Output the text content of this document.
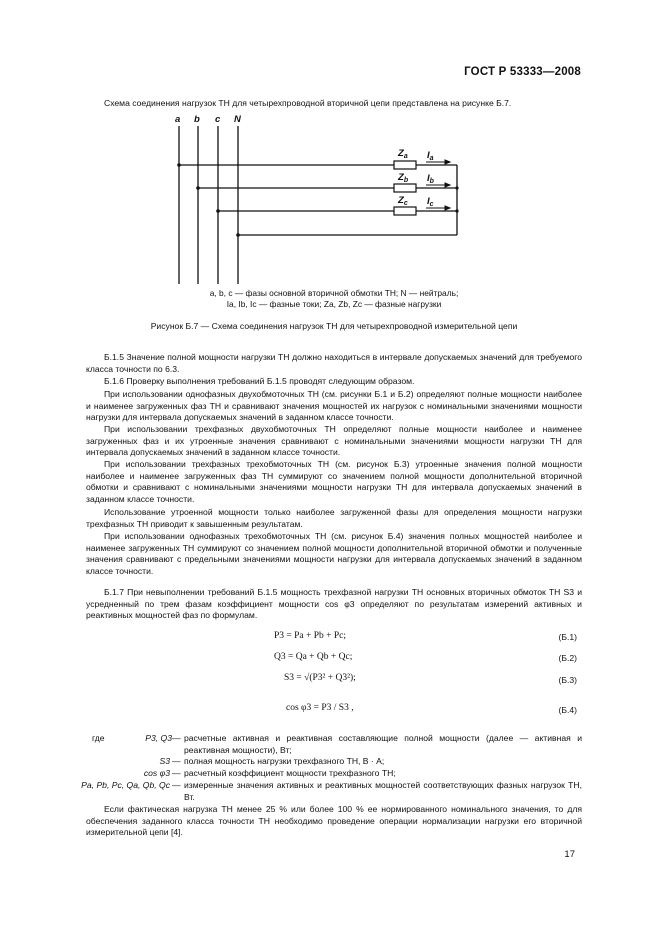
ГОСТ Р 53333—2008
Схема соединения нагрузок ТН для четырехпроводной вторичной цепи представлена на рисунке Б.7.
a b c N
$Z_a$ $I_a$
$Z_b$ $I_b$
$Z_c$ $I_c$
a, b, c — фазы основной вторичной обмотки ТН; N — нейтраль;
Ia, Ib, Ic — фазные токи; Za, Zb, Zc — фазные нагрузки
Рисунок Б.7 — Схема соединения нагрузок ТН для четырехпроводной измерительной цепи
Б.1.5 Значение полной мощности нагрузки ТН должно находиться в интервале допускаемых значений для требуемого класса точности по 6.3.
Б.1.6 Проверку выполнения требований Б.1.5 проводят следующим образом.
При использовании однофазных двухобмоточных ТН (см. рисунки Б.1 и Б.2) определяют полные мощности наиболее и наименее загруженных фаз ТН и сравнивают значения мощностей их нагрузок с номинальными значениями мощности нагрузки для интервала допускаемых значений в заданном классе точности.
При использовании трехфазных двухобмоточных ТН определяют полные мощности наиболее и наименее загруженных фаз и их утроенные значения сравнивают с номинальными значениями мощности нагрузки ТН для интервала допускаемых значений в заданном классе точности.
При использовании трехфазных трехобмоточных ТН (см. рисунок Б.3) утроенные значения полной мощности наиболее и наименее загруженных фаз ТН суммируют со значением полной мощности дополнительной вторичной обмотки и сравнивают с номинальными значениями мощности нагрузки ТН для интервала допускаемых значений в заданном классе точности.
Использование утроенной мощности только наиболее загруженной фазы для определения мощности нагрузки трехфазных ТН приводит к завышенным результатам.
При использовании однофазных трехобмоточных ТН (см. рисунок Б.4) значения полных мощностей наиболее и наименее загруженных ТН суммируют со значением полной мощности дополнительной вторичной обмотки и полученные значения сравнивают с предельными значениями мощности нагрузки для интервала допускаемых значений в заданном классе точности.
Б.1.7 При невыполнении требований Б.1.5 мощность трехфазной нагрузки ТН основных вторичных обмоток ТН S3 и усредненный по трем фазам коэффициент мощности cos φ3 определяют по результатам измерений активных и реактивных мощностей фаз по формулам.
P3 = Pa + Pb + Pc;	(Б.1)
Q3 = Qa + Qb + Qc;	(Б.2)
S3 = √(P3² + Q3²);	(Б.3)
cos φ3 = P3 / S3 ,	(Б.4)
где	P3, Q3 — расчетные активная и реактивная составляющие полной мощности (далее — активная и реактивная мощности), Вт;
S3 — полная мощность нагрузки трехфазного ТН, В · А;
cos φ3 — расчетный коэффициент мощности трехфазного ТН;
Pa, Pb, Pc, Qa, Qb, Qc — измеренные значения активных и реактивных мощностей соответствующих фазных нагрузок ТН, Вт.
Если фактическая нагрузка ТН менее 25 % или более 100 % ее нормированного номинального значения, то для обеспечения заданного класса точности ТН необходимо проведение операции нормализации нагрузки его вторичной измерительной цепи [4].
17
